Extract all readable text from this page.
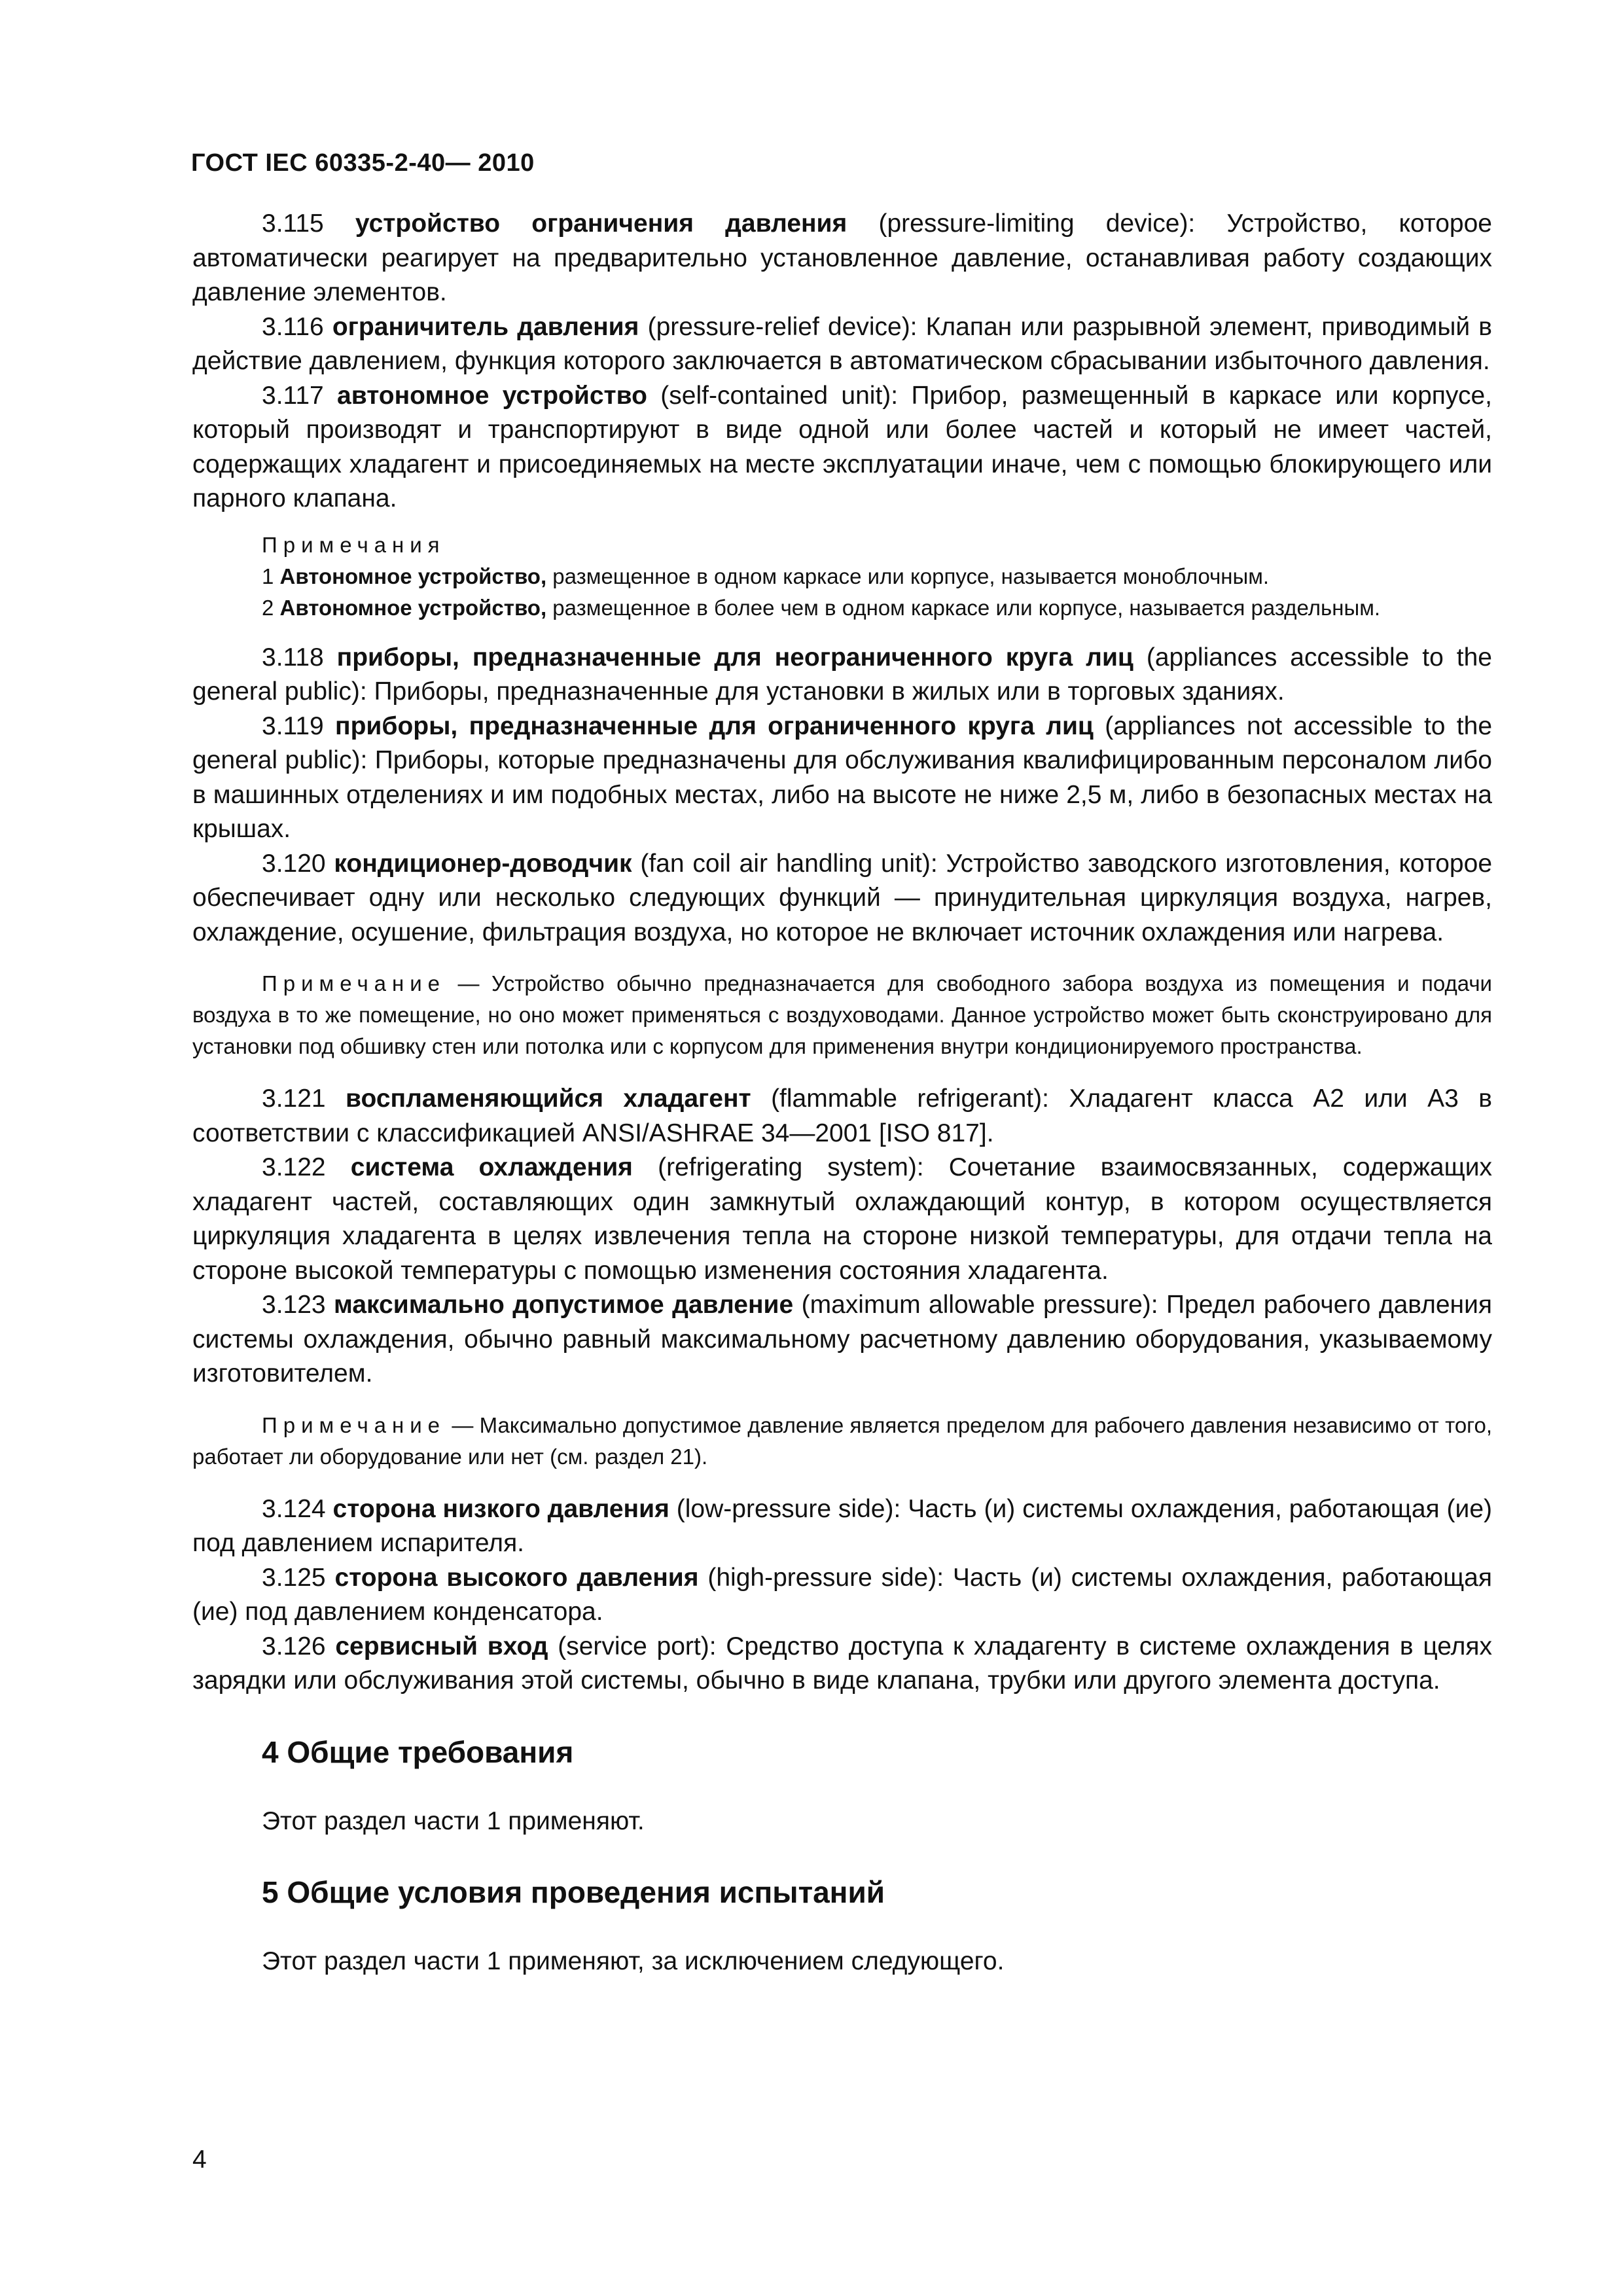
ГОСТ IEC 60335-2-40— 2010

3.115 устройство ограничения давления (pressure-limiting device): Устройство, которое автоматически реагирует на предварительно установленное давление, останавливая работу создающих давление элементов.

3.116 ограничитель давления (pressure-relief device): Клапан или разрывной элемент, приводимый в действие давлением, функция которого заключается в автоматическом сбрасывании избыточного давления.

3.117 автономное устройство (self-contained unit): Прибор, размещенный в каркасе или корпусе, который производят и транспортируют в виде одной или более частей и который не имеет частей, содержащих хладагент и присоединяемых на месте эксплуатации иначе, чем с помощью блокирующего или парного клапана.

Примечания

1 Автономное устройство, размещенное в одном каркасе или корпусе, называется моноблочным.

2 Автономное устройство, размещенное в более чем в одном каркасе или корпусе, называется раздельным.

3.118 приборы, предназначенные для неограниченного круга лиц (appliances accessible to the general public): Приборы, предназначенные для установки в жилых или в торговых зданиях.

3.119 приборы, предназначенные для ограниченного круга лиц (appliances not accessible to the general public): Приборы, которые предназначены для обслуживания квалифицированным персоналом либо в машинных отделениях и им подобных местах, либо на высоте не ниже 2,5 м, либо в безопасных местах на крышах.

3.120 кондиционер-доводчик (fan coil air handling unit): Устройство заводского изготовления, которое обеспечивает одну или несколько следующих функций — принудительная циркуляция воздуха, нагрев, охлаждение, осушение, фильтрация воздуха, но которое не включает источник охлаждения или нагрева.

Примечание — Устройство обычно предназначается для свободного забора воздуха из помещения и подачи воздуха в то же помещение, но оно может применяться с воздуховодами. Данное устройство может быть сконструировано для установки под обшивку стен или потолка или с корпусом для применения внутри кондиционируемого пространства.

3.121 воспламеняющийся хладагент (flammable refrigerant): Хладагент класса А2 или А3 в соответствии с классификацией ANSI/ASHRAE 34—2001 [ISO 817].

3.122 система охлаждения (refrigerating system): Сочетание взаимосвязанных, содержащих хладагент частей, составляющих один замкнутый охлаждающий контур, в котором осуществляется циркуляция хладагента в целях извлечения тепла на стороне низкой температуры, для отдачи тепла на стороне высокой температуры с помощью изменения состояния хладагента.

3.123 максимально допустимое давление (maximum allowable pressure): Предел рабочего давления системы охлаждения, обычно равный максимальному расчетному давлению оборудования, указываемому изготовителем.

Примечание — Максимально допустимое давление является пределом для рабочего давления независимо от того, работает ли оборудование или нет (см. раздел 21).

3.124 сторона низкого давления (low-pressure side): Часть (и) системы охлаждения, работающая (ие) под давлением испарителя.

3.125 сторона высокого давления (high-pressure side): Часть (и) системы охлаждения, работающая (ие) под давлением конденсатора.

3.126 сервисный вход (service port): Средство доступа к хладагенту в системе охлаждения в целях зарядки или обслуживания этой системы, обычно в виде клапана, трубки или другого элемента доступа.

4 Общие требования

Этот раздел части 1 применяют.

5 Общие условия проведения испытаний

Этот раздел части 1 применяют, за исключением следующего.

4
